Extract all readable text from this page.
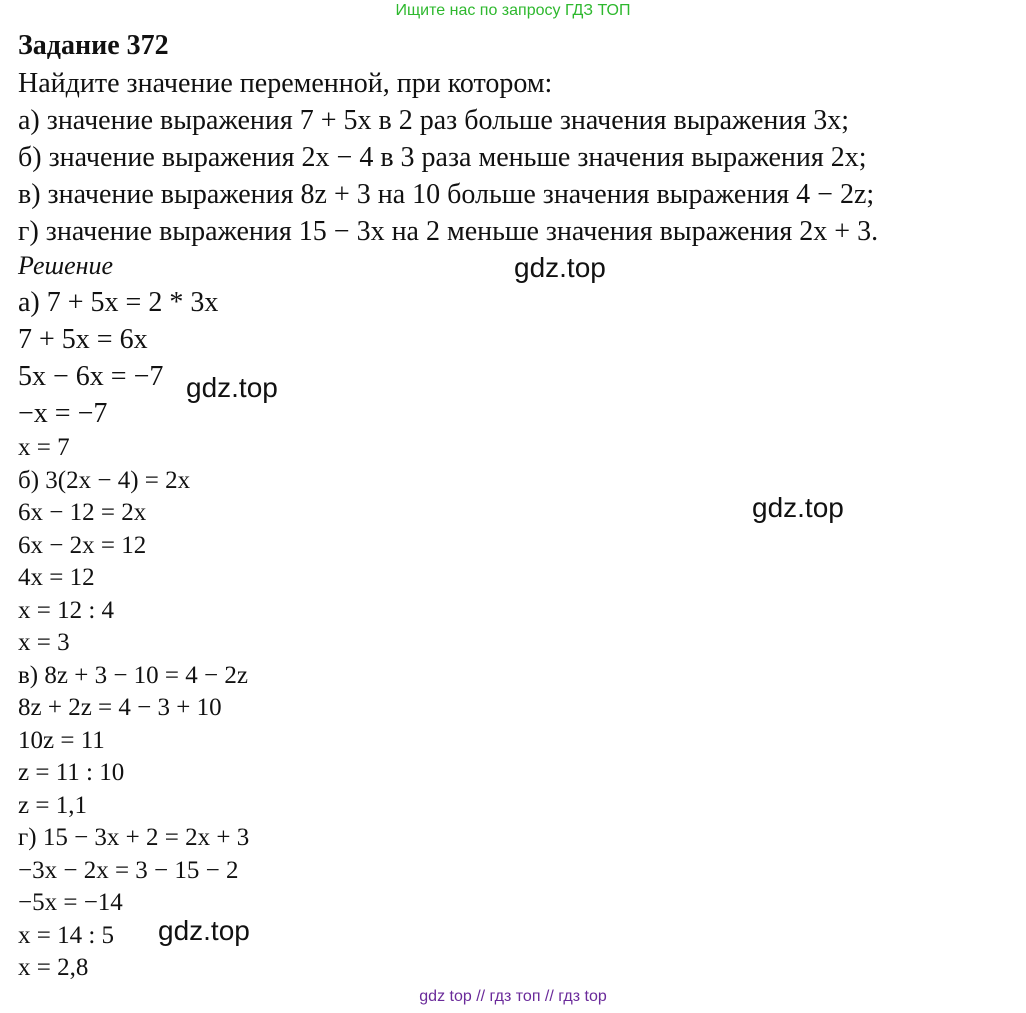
Ищите нас по запросу ГДЗ ТОП
Задание 372
Найдите значение переменной, при котором:
а) значение выражения 7 + 5x в 2 раз больше значения выражения 3x;
б) значение выражения 2x − 4 в 3 раза меньше значения выражения 2x;
в) значение выражения 8z + 3 на 10 больше значения выражения 4 − 2z;
г) значение выражения 15 − 3x на 2 меньше значения выражения 2x + 3.
Решение
а) 7 + 5x = 2 * 3x
7 + 5x = 6x
5x − 6x = −7
−x = −7
x = 7
б) 3(2x − 4) = 2x
6x − 12 = 2x
6x − 2x = 12
4x = 12
x = 12 : 4
x = 3
в) 8z + 3 − 10 = 4 − 2z
8z + 2z = 4 − 3 + 10
10z = 11
z = 11 : 10
z = 1,1
г) 15 − 3x + 2 = 2x + 3
−3x − 2x = 3 − 15 − 2
−5x = −14
x = 14 : 5
x = 2,8
gdz.top
gdz.top
gdz.top
gdz.top
gdz top // гдз топ // гдз top
